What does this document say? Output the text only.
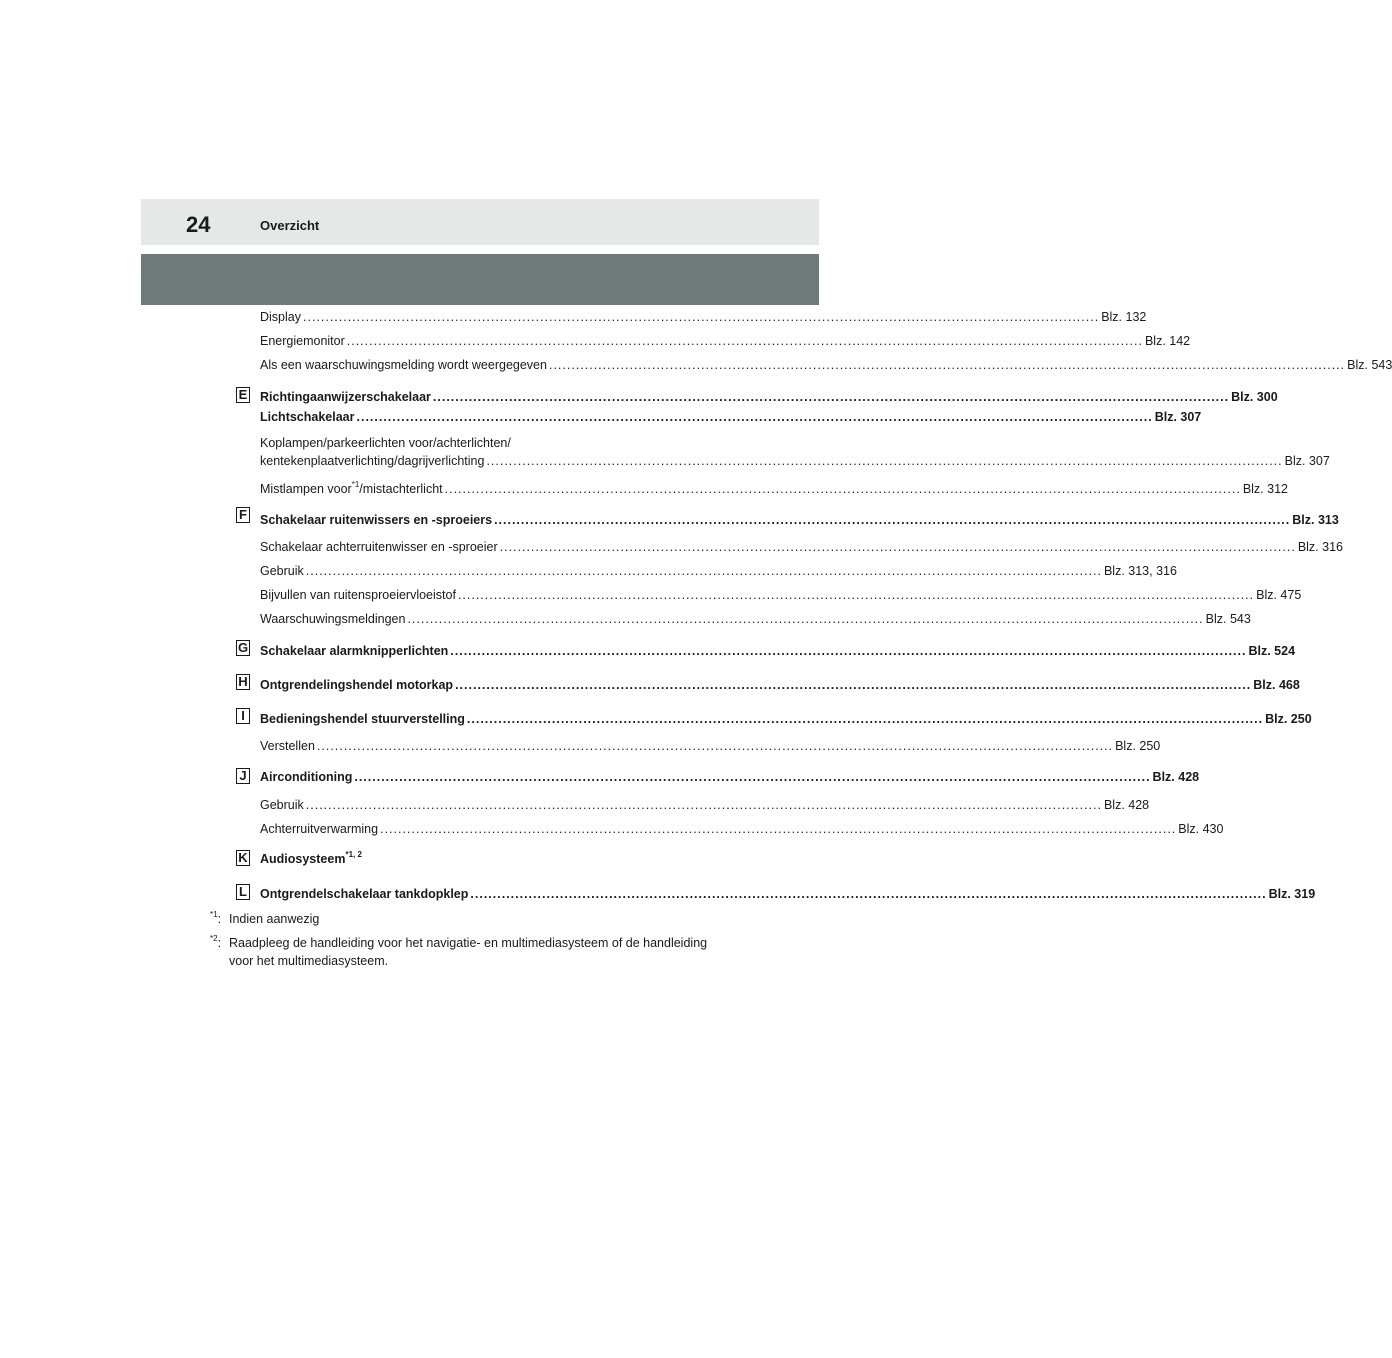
24	Overzicht
Display .................................................................................................................................................................................. Blz. 132
Energiemonitor .................................................................................................................................................................................. Blz. 142
Als een waarschuwingsmelding wordt weergegeven .................................................................................................................................................................................. Blz. 543
E Richtingaanwijzerschakelaar .................................................................................................................................................................................. Blz. 300
Lichtschakelaar .................................................................................................................................................................................. Blz. 307
Koplampen/parkeerlichten voor/achterlichten/
kentekenplaatverlichting/dagrijverlichting .................................................................................................................................................................................. Blz. 307
Mistlampen voor$^{*1}$/mistachterlicht .................................................................................................................................................................................. Blz. 312
F Schakelaar ruitenwissers en -sproeiers .................................................................................................................................................................................. Blz. 313
Schakelaar achterruitenwisser en -sproeier .................................................................................................................................................................................. Blz. 316
Gebruik .................................................................................................................................................................................. Blz. 313, 316
Bijvullen van ruitensproeiervloeistof .................................................................................................................................................................................. Blz. 475
Waarschuwingsmeldingen .................................................................................................................................................................................. Blz. 543
G Schakelaar alarmknipperlichten .................................................................................................................................................................................. Blz. 524
H Ontgrendelingshendel motorkap .................................................................................................................................................................................. Blz. 468
I	Bedieningshendel stuurverstelling .................................................................................................................................................................................. Blz. 250
Verstellen .................................................................................................................................................................................. Blz. 250
J Airconditioning .................................................................................................................................................................................. Blz. 428
Gebruik .................................................................................................................................................................................. Blz. 428
Achterruitverwarming .................................................................................................................................................................................. Blz. 430
K Audiosysteem$^{*1, 2}$
L Ontgrendelschakelaar tankdopklep .................................................................................................................................................................................. Blz. 319
$^{*1}$: Indien aanwezig
$^{*2}$: Raadpleeg de handleiding voor het navigatie- en multimediasysteem of de handleiding voor het multimediasysteem.
